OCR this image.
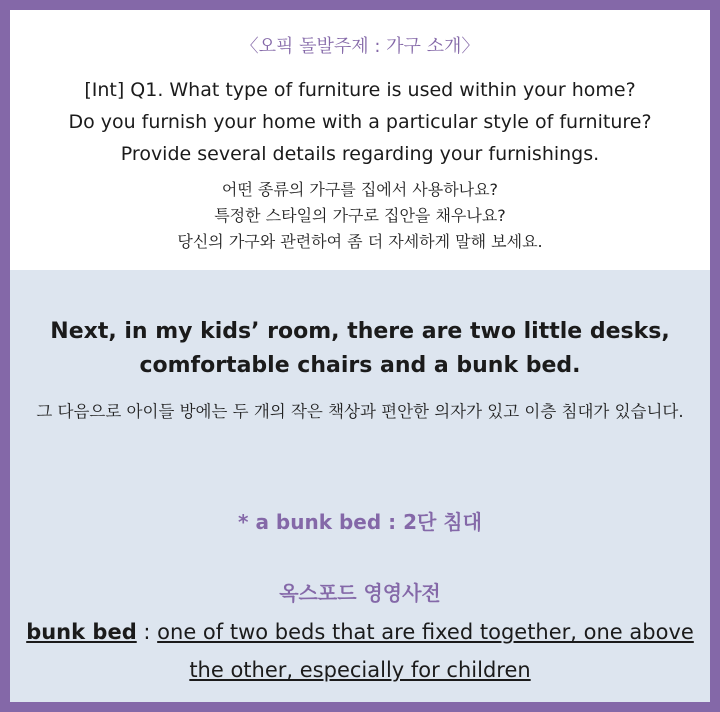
〈오픽 돌발주제 : 가구 소개〉
[Int] Q1. What type of furniture is used within your home?
Do you furnish your home with a particular style of furniture?
Provide several details regarding your furnishings.
어떤 종류의 가구를 집에서 사용하나요?
특정한 스타일의 가구로 집안을 채우나요?
당신의 가구와 관련하여 좀 더 자세하게 말해 보세요.
Next, in my kids’ room, there are two little desks, comfortable chairs and a bunk bed.
그 다음으로 아이들 방에는 두 개의 작은 책상과 편안한 의자가 있고 이층 침대가 있습니다.
* a bunk bed : 2단 침대
옥스포드 영영사전
bunk bed : one of two beds that are fixed together, one above the other, especially for children
